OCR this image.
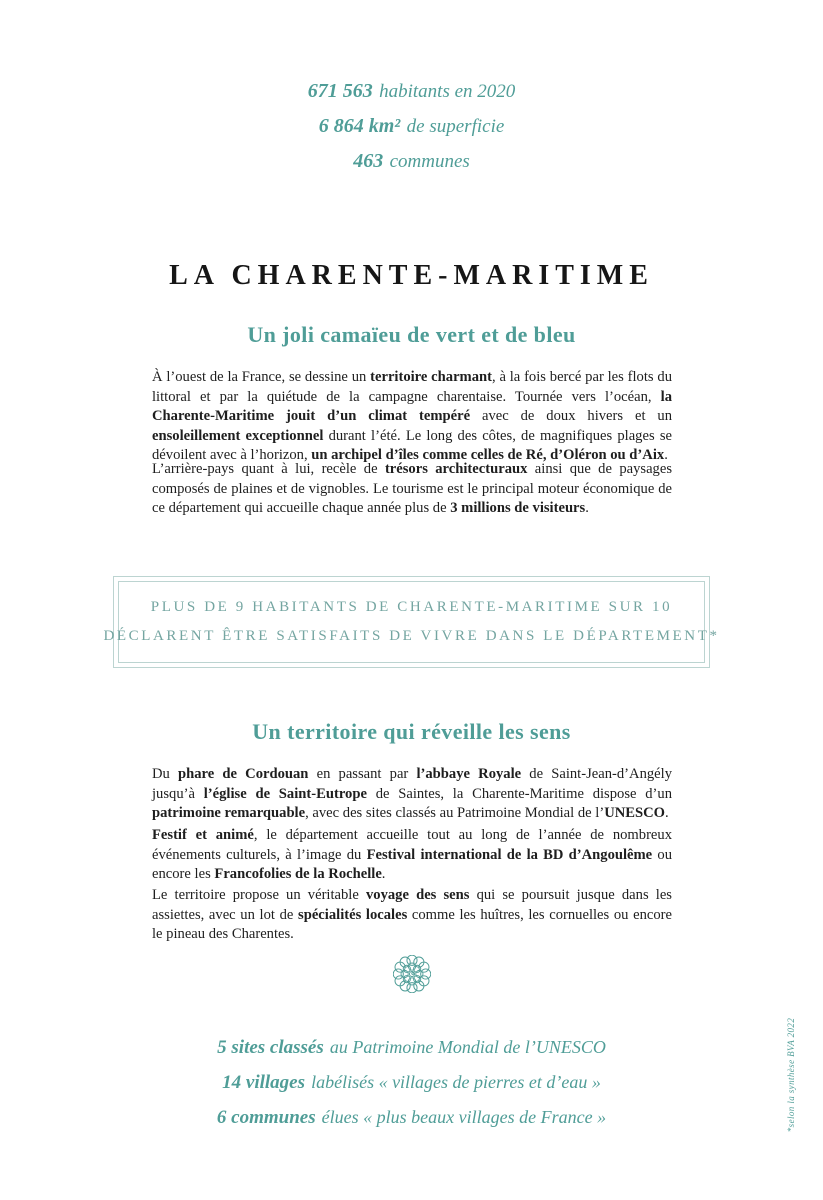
671 563 habitants en 2020
6 864 km² de superficie
463 communes
LA CHARENTE-MARITIME
Un joli camaïeu de vert et de bleu

À l’ouest de la France, se dessine un territoire charmant, à la fois bercé par les flots du littoral et par la quiétude de la campagne charentaise. Tournée vers l’océan, la Charente-Maritime jouit d’un climat tempéré avec de doux hivers et un ensoleillement exceptionnel durant l’été. Le long des côtes, de magnifiques plages se dévoilent avec à l’horizon, un archipel d’îles comme celles de Ré, d’Oléron ou d’Aix.

L’arrière-pays quant à lui, recèle de trésors architecturaux ainsi que de paysages composés de plaines et de vignobles. Le tourisme est le principal moteur économique de ce département qui accueille chaque année plus de 3 millions de visiteurs.

PLUS DE 9 HABITANTS DE CHARENTE-MARITIME SUR 10
DÉCLARENT ÊTRE SATISFAITS DE VIVRE DANS LE DÉPARTEMENT*
Un territoire qui réveille les sens

Du phare de Cordouan en passant par l’abbaye Royale de Saint-Jean-d’Angély jusqu’à l’église de Saint-Eutrope de Saintes, la Charente-Maritime dispose d’un patrimoine remarquable, avec des sites classés au Patrimoine Mondial de l’UNESCO.

Festif et animé, le département accueille tout au long de l’année de nombreux événements culturels, à l’image du Festival international de la BD d’Angoulême ou encore les Francofolies de la Rochelle.

Le territoire propose un véritable voyage des sens qui se poursuit jusque dans les assiettes, avec un lot de spécialités locales comme les huîtres, les cornuelles ou encore le pineau des Charentes.

5 sites classés au Patrimoine Mondial de l’UNESCO
14 villages labélisés « villages de pierres et d’eau »
6 communes élues « plus beaux villages de France »	*selon la synthèse BVA 2022
